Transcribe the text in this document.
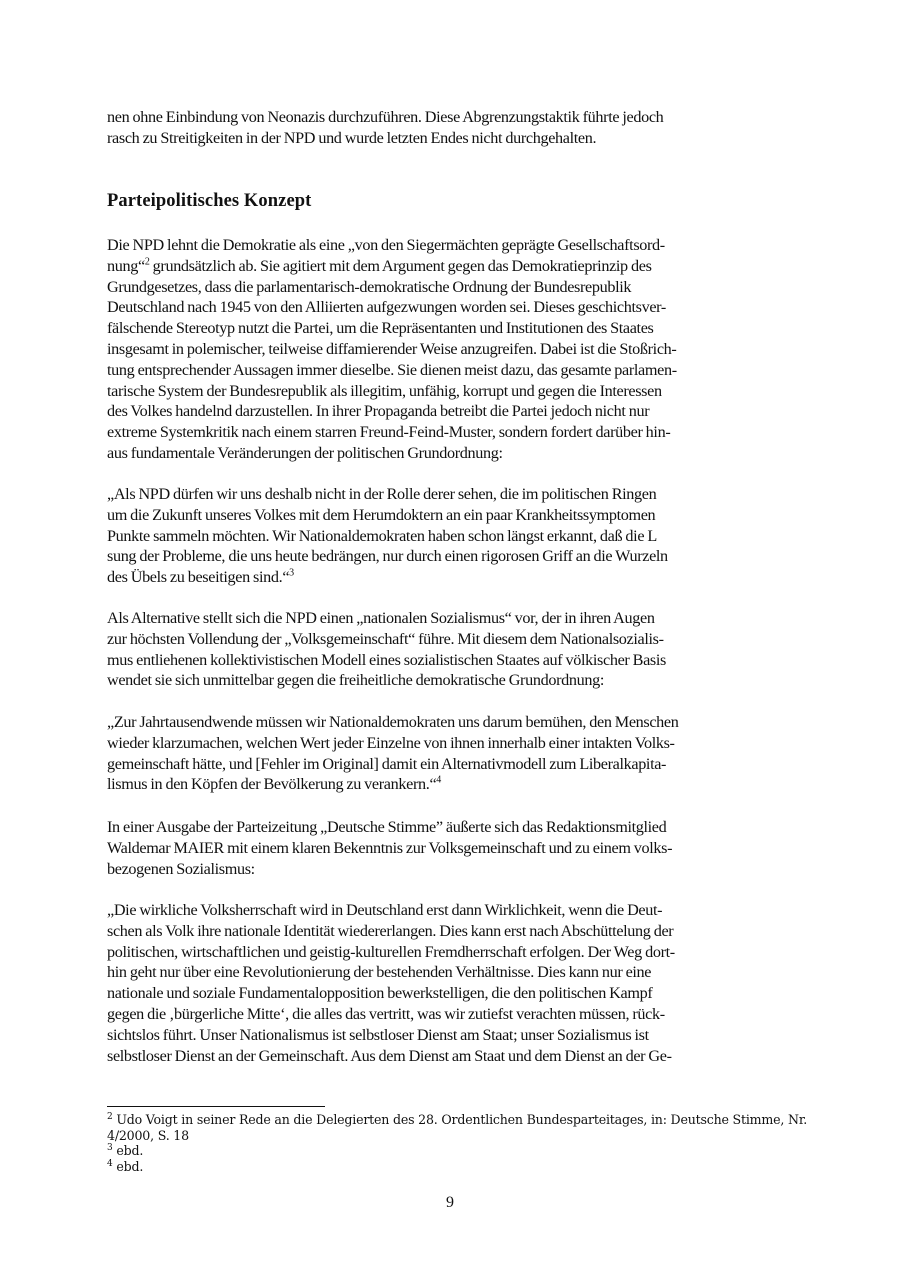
nen ohne Einbindung von Neonazis durchzuführen. Diese Abgrenzungstaktik führte jedoch
rasch zu Streitigkeiten in der NPD und wurde letzten Endes nicht durchgehalten.

Parteipolitisches Konzept

Die NPD lehnt die Demokratie als eine „von den Siegermächten geprägte Gesellschaftsord-
nung“$^2$ grundsätzlich ab. Sie agitiert mit dem Argument gegen das Demokratieprinzip des
Grundgesetzes, dass die parlamentarisch-demokratische Ordnung der Bundesrepublik
Deutschland nach 1945 von den Alliierten aufgezwungen worden sei. Dieses geschichtsver-
fälschende Stereotyp nutzt die Partei, um die Repräsentanten und Institutionen des Staates
insgesamt in polemischer, teilweise diffamierender Weise anzugreifen. Dabei ist die Stoßrich-
tung entsprechender Aussagen immer dieselbe. Sie dienen meist dazu, das gesamte parlamen-
tarische System der Bundesrepublik als illegitim, unfähig, korrupt und gegen die Interessen
des Volkes handelnd darzustellen. In ihrer Propaganda betreibt die Partei jedoch nicht nur
extreme Systemkritik nach einem starren Freund-Feind-Muster, sondern fordert darüber hin-
aus fundamentale Veränderungen der politischen Grundordnung:

„Als NPD dürfen wir uns deshalb nicht in der Rolle derer sehen, die im politischen Ringen
um die Zukunft unseres Volkes mit dem Herumdoktern an ein paar Krankheitssymptomen
Punkte sammeln möchten. Wir Nationaldemokraten haben schon längst erkannt, daß die L
sung der Probleme, die uns heute bedrängen, nur durch einen rigorosen Griff an die Wurzeln
des Übels zu beseitigen sind.“$^3$

Als Alternative stellt sich die NPD einen „nationalen Sozialismus“ vor, der in ihren Augen
zur höchsten Vollendung der „Volksgemeinschaft“ führe. Mit diesem dem Nationalsozialis-
mus entliehenen kollektivistischen Modell eines sozialistischen Staates auf völkischer Basis
wendet sie sich unmittelbar gegen die freiheitliche demokratische Grundordnung:

„Zur Jahrtausendwende müssen wir Nationaldemokraten uns darum bemühen, den Menschen
wieder klarzumachen, welchen Wert jeder Einzelne von ihnen innerhalb einer intakten Volks-
gemeinschaft hätte, und [Fehler im Original] damit ein Alternativmodell zum Liberalkapita-
lismus in den Köpfen der Bevölkerung zu verankern.“$^4$

In einer Ausgabe der Parteizeitung „Deutsche Stimme” äußerte sich das Redaktionsmitglied
Waldemar MAIER mit einem klaren Bekenntnis zur Volksgemeinschaft und zu einem volks-
bezogenen Sozialismus:

„Die wirkliche Volksherrschaft wird in Deutschland erst dann Wirklichkeit, wenn die Deut-
schen als Volk ihre nationale Identität wiedererlangen. Dies kann erst nach Abschüttelung der
politischen, wirtschaftlichen und geistig-kulturellen Fremdherrschaft erfolgen. Der Weg dort-
hin geht nur über eine Revolutionierung der bestehenden Verhältnisse. Dies kann nur eine
nationale und soziale Fundamentalopposition bewerkstelligen, die den politischen Kampf
gegen die ‚bürgerliche Mitte‘, die alles das vertritt, was wir zutiefst verachten müssen, rück-
sichtslos führt. Unser Nationalismus ist selbstloser Dienst am Staat; unser Sozialismus ist
selbstloser Dienst an der Gemeinschaft. Aus dem Dienst am Staat und dem Dienst an der Ge-

$^2$ Udo Voigt in seiner Rede an die Delegierten des 28. Ordentlichen Bundesparteitages, in: Deutsche Stimme, Nr.
4/2000, S. 18
$^3$ ebd.
$^4$ ebd.
9
